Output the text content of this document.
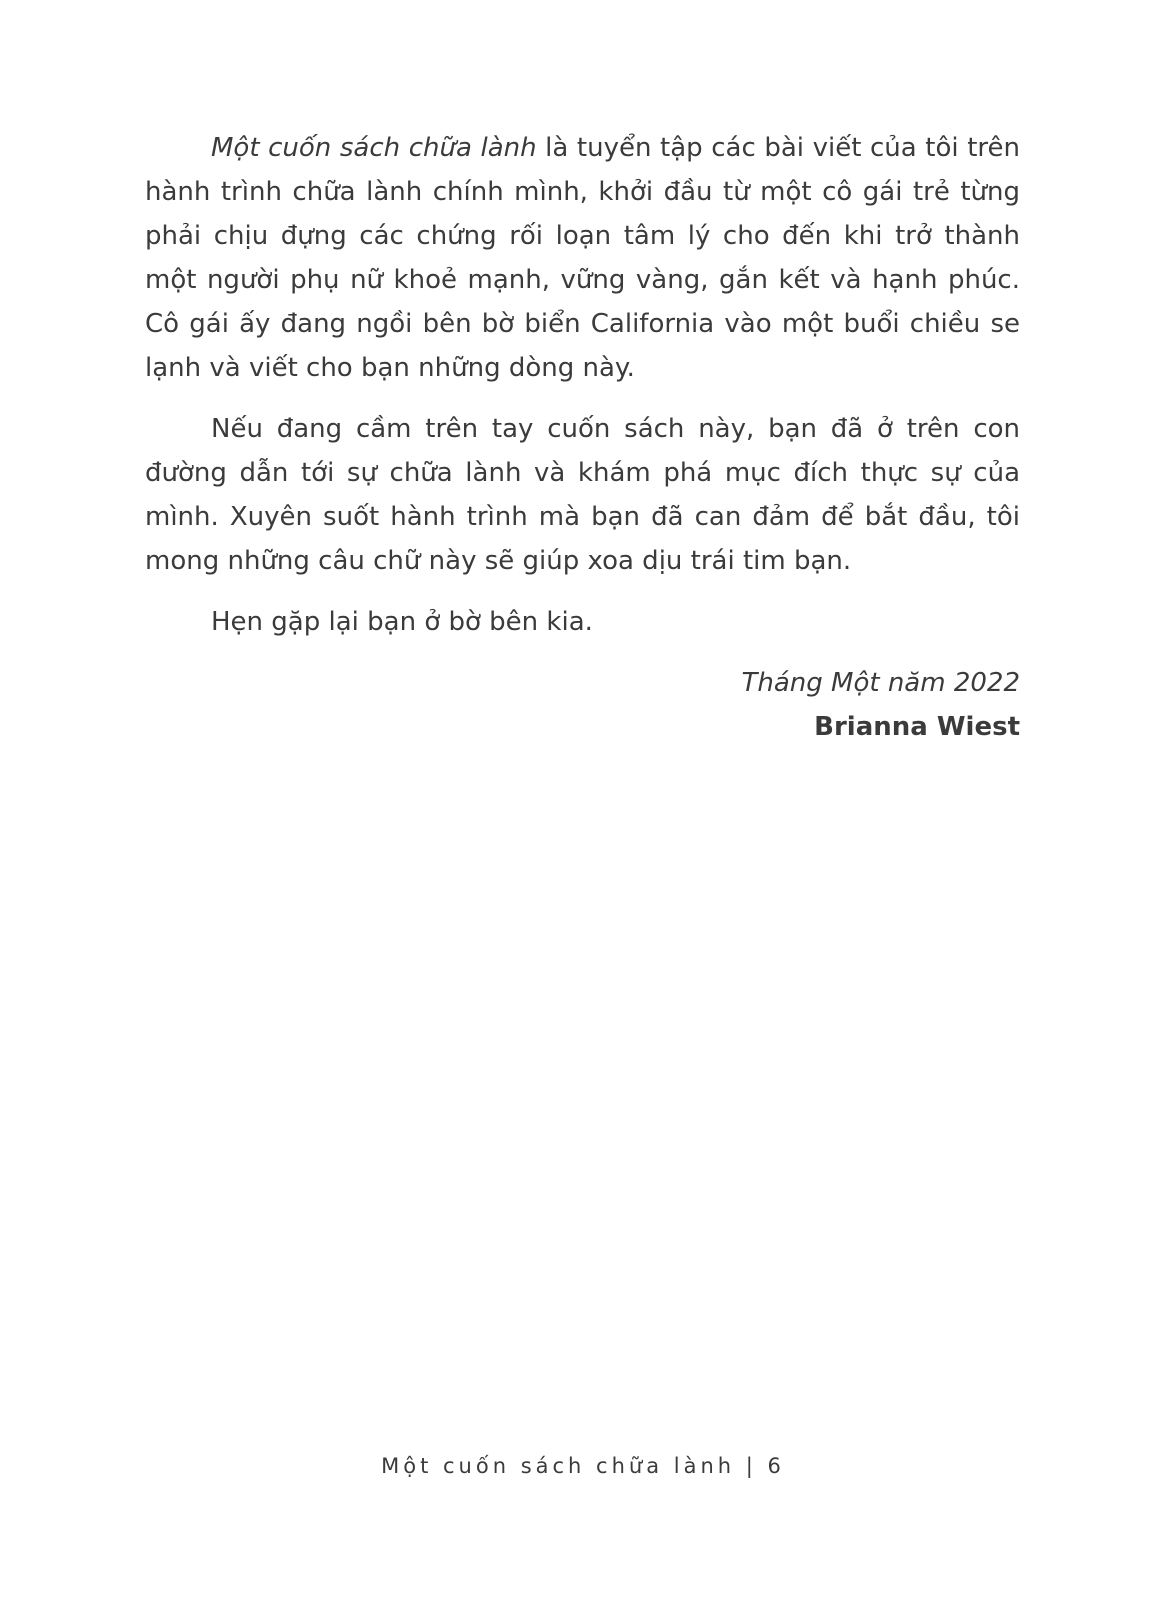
Một cuốn sách chữa lành là tuyển tập các bài viết của tôi trên hành trình chữa lành chính mình, khởi đầu từ một cô gái trẻ từng phải chịu đựng các chứng rối loạn tâm lý cho đến khi trở thành một người phụ nữ khoẻ mạnh, vững vàng, gắn kết và hạnh phúc. Cô gái ấy đang ngồi bên bờ biển California vào một buổi chiều se lạnh và viết cho bạn những dòng này.

Nếu đang cầm trên tay cuốn sách này, bạn đã ở trên con đường dẫn tới sự chữa lành và khám phá mục đích thực sự của mình. Xuyên suốt hành trình mà bạn đã can đảm để bắt đầu, tôi mong những câu chữ này sẽ giúp xoa dịu trái tim bạn.

Hẹn gặp lại bạn ở bờ bên kia.

Tháng Một năm 2022

Brianna Wiest

Một cuốn sách chữa lành | 6
